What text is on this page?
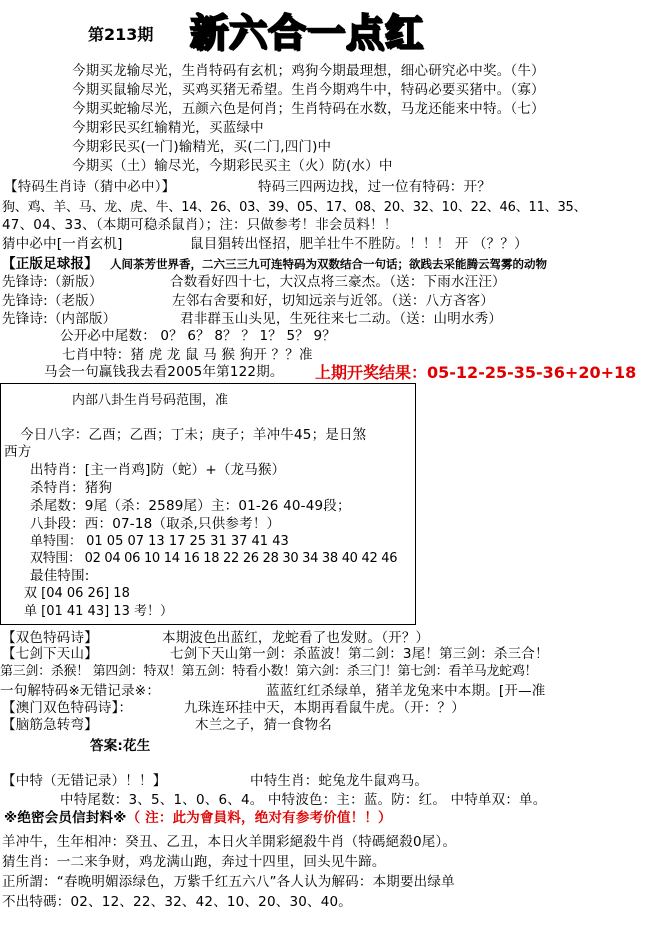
第213期 新六合一点红
今期买龙输尽光，生肖特码有玄机；鸡狗今期最理想，细心研究必中奖。（牛）
今期买鼠输尽光，买鸡买猪无希望。生肖今期鸡牛中，特码必要买猪中。（寡）
今期买蛇输尽光，五颜六色是何肖；生肖特码在水数，马龙还能来中特。（七）
今期彩民买红输精光，买蓝绿中
今期彩民买(一门)输精光，买(二门,四门)中
今期买（土）输尽光，今期彩民买主（火）防(水）中
【特码生肖诗（猜中必中）】	特码三四两边找，过一位有特码：开？
狗、鸡、羊、马、龙、虎、牛、14、26、03、39、05、17、08、20、32、10、22、46、11、35、
47、04、33、（本期可稳杀鼠肖）；注：只做参考！非会员料！！
猜中必中[一肖玄机]	鼠目猖转出怪招，肥羊壮牛不胜防。！！！ 开 （？？）
【正版足球报】 人间茶芳世界香，二六三三九可连特码为双数结合一句话；欲践去采能腾云驾雾的动物
先锋诗:（新版）	合数看好四十七，大汉点将三豪杰。（送：下雨水汪汪）
先锋诗:（老版）	左邻右舍要和好，切知远亲与近邻。（送：八方吝客）
先锋诗:（内部版）	君非群玉山头见，生死往来七二动。（送：山明水秀）
公开必中尾数： 0？ 6？ 8？ ？ 1？ 5？ 9？
七肖中特：猪 虎 龙 鼠 马 猴 狗开 ？？准
马会一句赢钱我去看2005年第122期。 上期开奖结果：05-12-25-35-36+20+18
内部八卦生肖号码范围，准
今日八字：乙酉；乙酉；丁未；庚子；羊冲牛45；是日煞
西方
出特肖：[主一肖鸡]防（蛇）+（龙马猴）
杀特肖：猪狗
杀尾数：9尾（杀：2589尾）主：01-26 40-49段；
八卦段：西：07-18（取杀,只供参考！）
单特围： 01 05 07 13 17 25 31 37 41 43
双特围： 02 04 06 10 14 16 18 22 26 28 30 34 38 40 42 46
最佳特围:
双 [04 06 26] 18
单 [01 41 43] 13 考！）
【双色特码诗】	本期波色出蓝红，龙蛇看了也发财。（开？）
【七剑下天山】	七剑下天山第一剑：杀蓝波！第二剑：3尾！第三剑：杀三合！
第三剑：杀猴！ 第四剑：特双！第五剑：特看小数！第六剑：杀三门！第七剑：看羊马龙蛇鸡！
一句解特码※无错记录※：	蓝蓝红红杀绿单，猪羊龙兔来中本期。[开—准
【澳门双色特码诗】：	九珠连环挂中天，本期再看鼠牛虎。（开：？）
【脑筋急转弯】	木兰之子，猜一食物名
答案:花生
【中特（无错记录）！！】	中特生肖：蛇兔龙牛鼠鸡马。
中特尾数：3、5、1、0、6、4。 中特波色：主：蓝。防：红。 中特单双：单。
※绝密会员信封料※（ 注：此为會員料，绝对有参考价值！！）
羊冲牛，生年相冲：癸丑、乙丑，本日火羊開彩絕殺牛肖（特碼絕殺0尾）。
猜生肖：一二来争财，鸡龙满山跑，奔过十四里，回头见牛蹄。
正所謂：“春晚明媚添绿色，万紫千红五六八”各人认为解码：本期要出绿单
不出特碼：02、12、22、32、42、10、20、30、40。
